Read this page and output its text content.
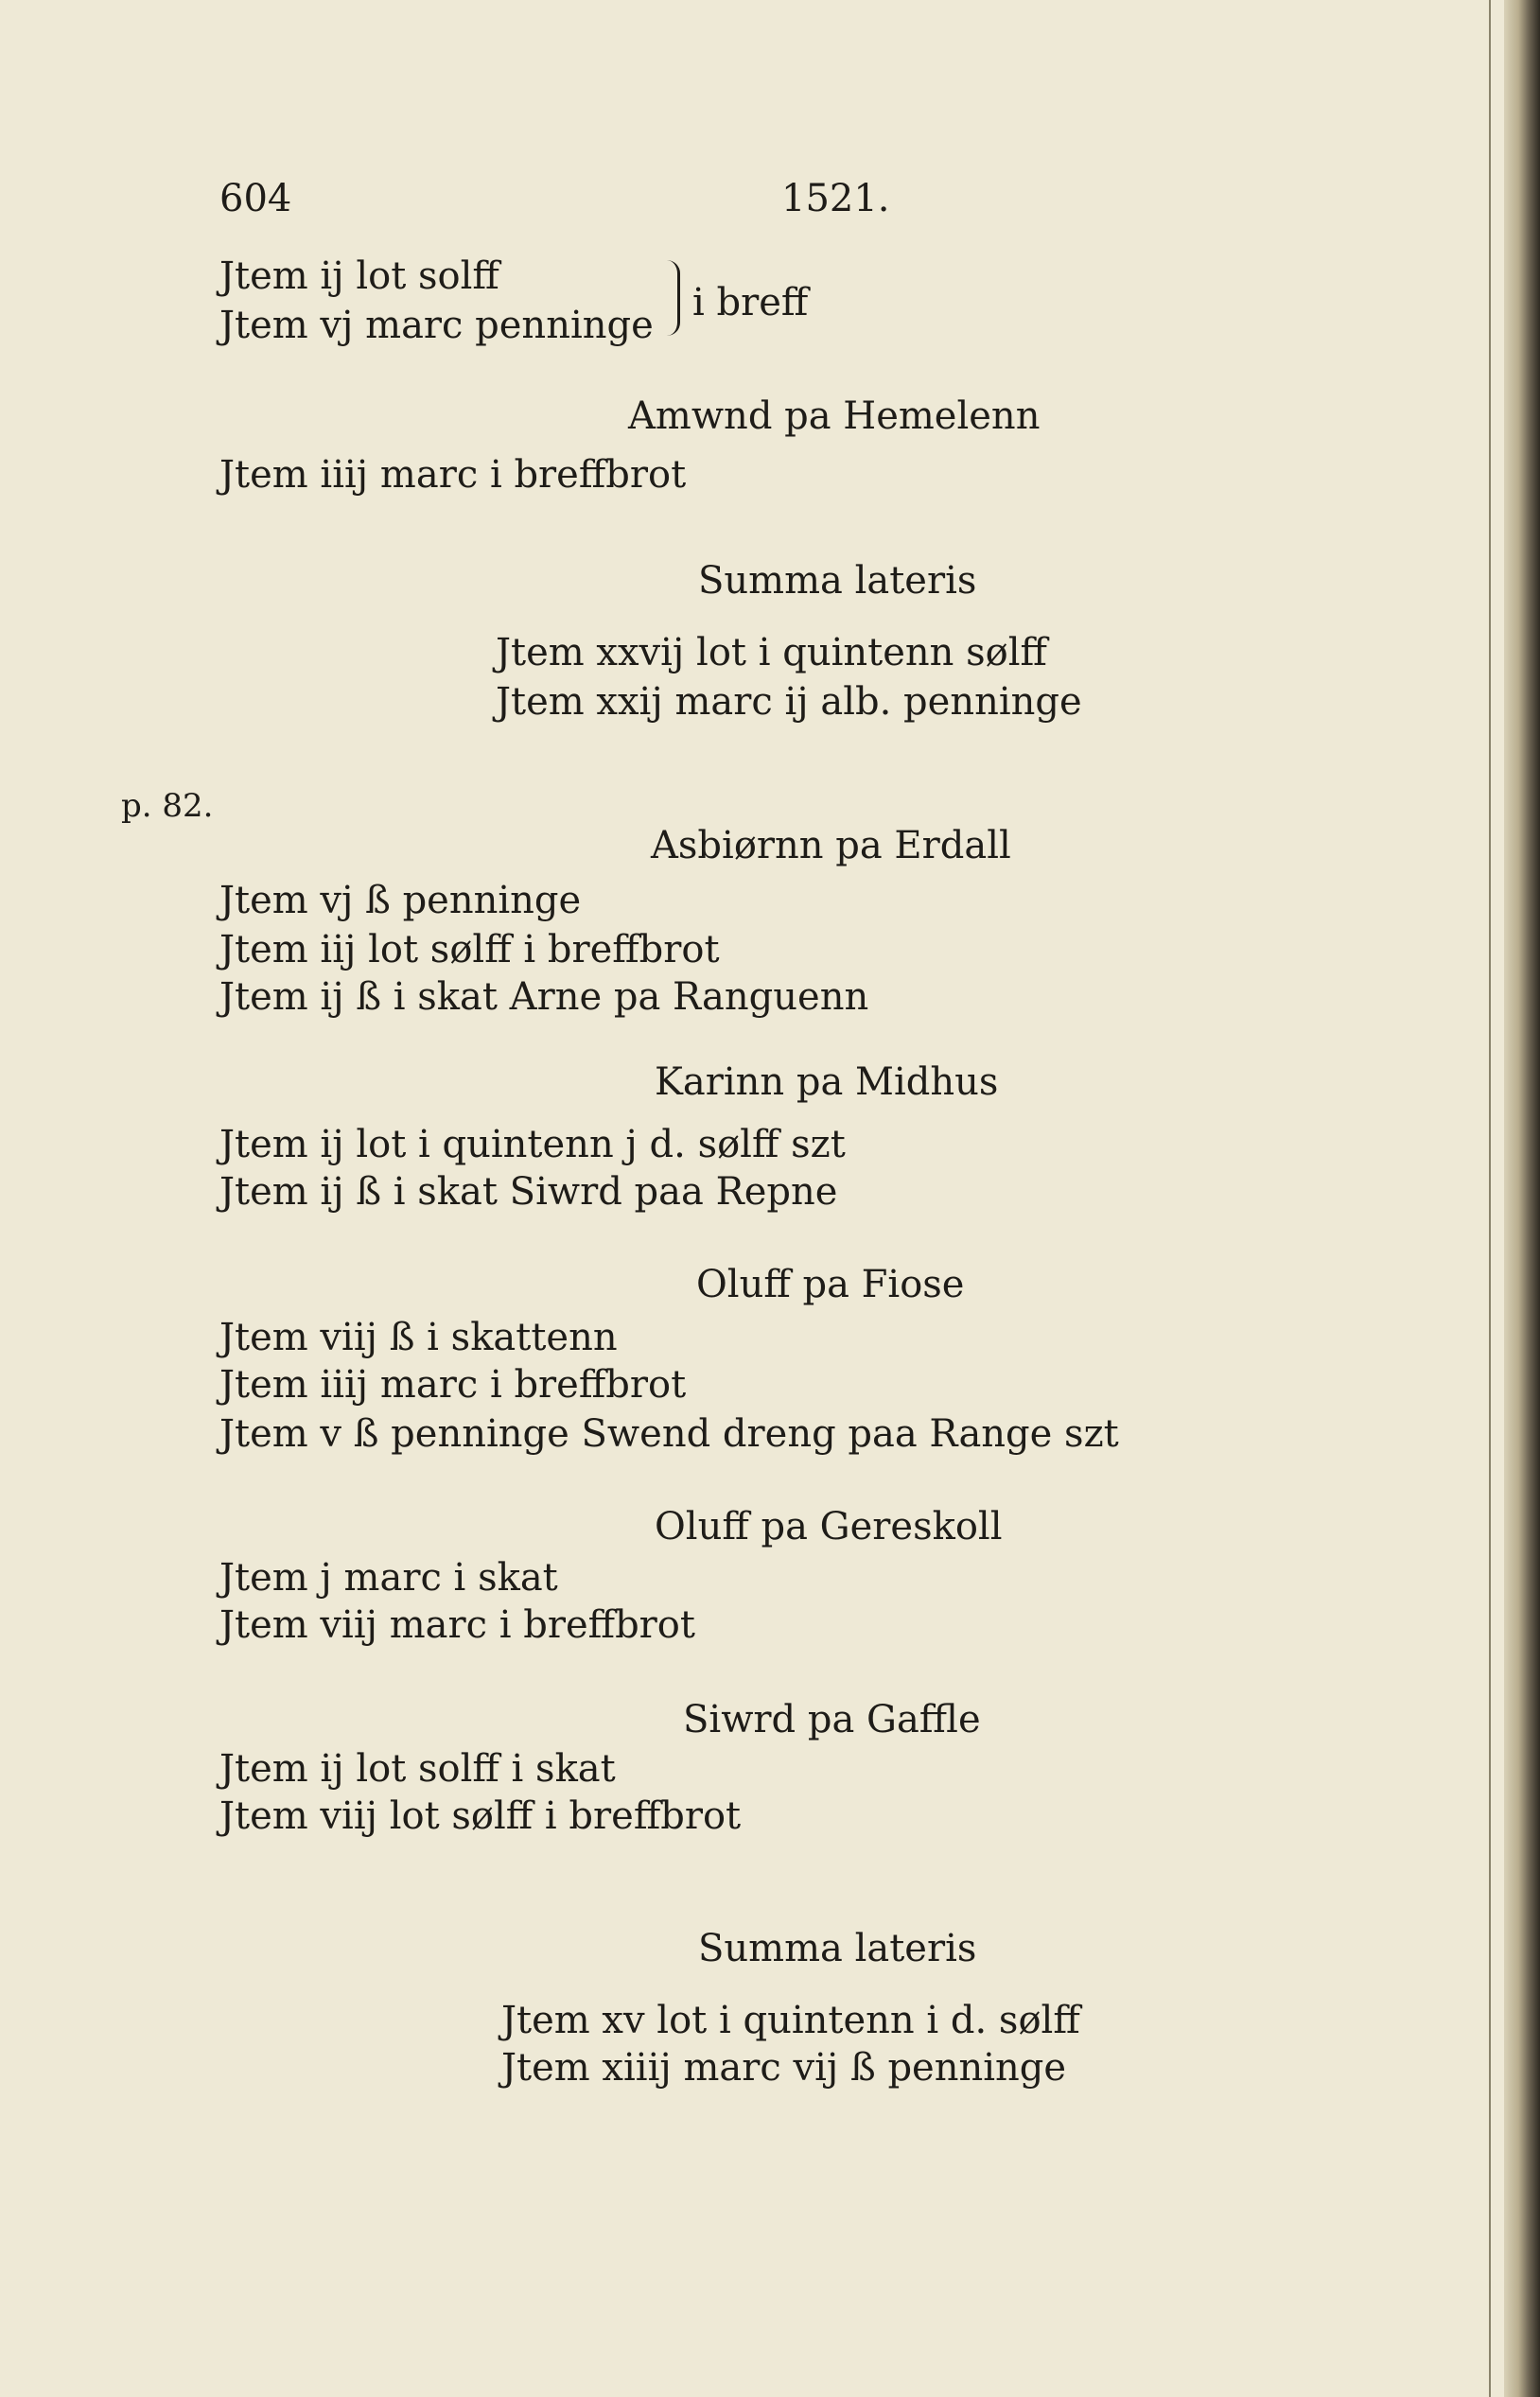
604	1521.
Jtem ij lot solff
Jtem vj marc penninge
i breff
Amwnd pa Hemelenn
Jtem iiij marc i breffbrot
Summa lateris
Jtem xxvij lot i quintenn sølff
Jtem xxij marc ij alb. penninge
p. 82.
Asbiørnn pa Erdall
Jtem vj ß penninge
Jtem iij lot sølff i breffbrot
Jtem ij ß i skat Arne pa Ranguenn
Karinn pa Midhus
Jtem ij lot i quintenn j d. sølff szt
Jtem ij ß i skat Siwrd paa Repne
Oluff pa Fiose
Jtem viij ß i skattenn
Jtem iiij marc i breffbrot
Jtem v ß penninge Swend dreng paa Range szt
Oluff pa Gereskoll
Jtem j marc i skat
Jtem viij marc i breffbrot
Siwrd pa Gaffle
Jtem ij lot solff i skat
Jtem viij lot sølff i breffbrot
Summa lateris
Jtem xv lot i quintenn i d. sølff
Jtem xiiij marc vij ß penninge
